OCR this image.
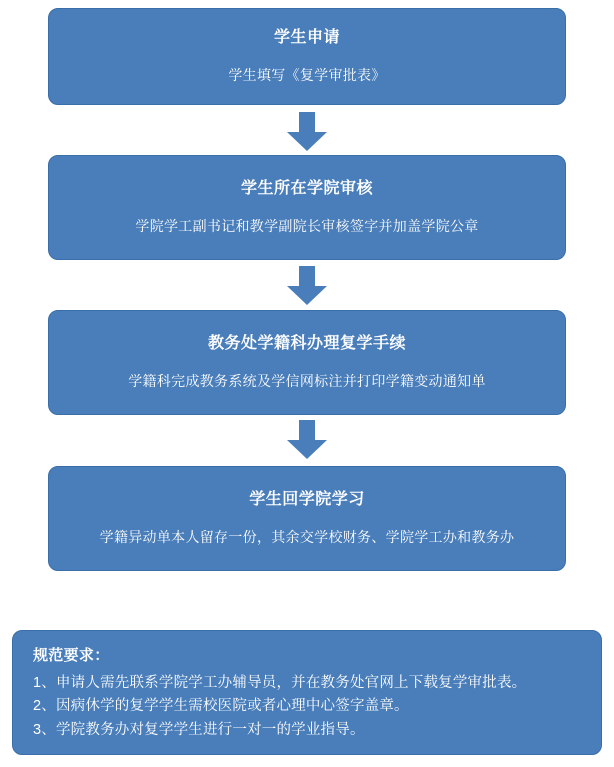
学生申请
学生填写《复学审批表》
学生所在学院审核
学院学工副书记和教学副院长审核签字并加盖学院公章
教务处学籍科办理复学手续
学籍科完成教务系统及学信网标注并打印学籍变动通知单
学生回学院学习
学籍异动单本人留存一份，其余交学校财务、学院学工办和教务办
规范要求：
1、申请人需先联系学院学工办辅导员，并在教务处官网上下载复学审批表。
2、因病休学的复学学生需校医院或者心理中心签字盖章。
3、学院教务办对复学学生进行一对一的学业指导。
